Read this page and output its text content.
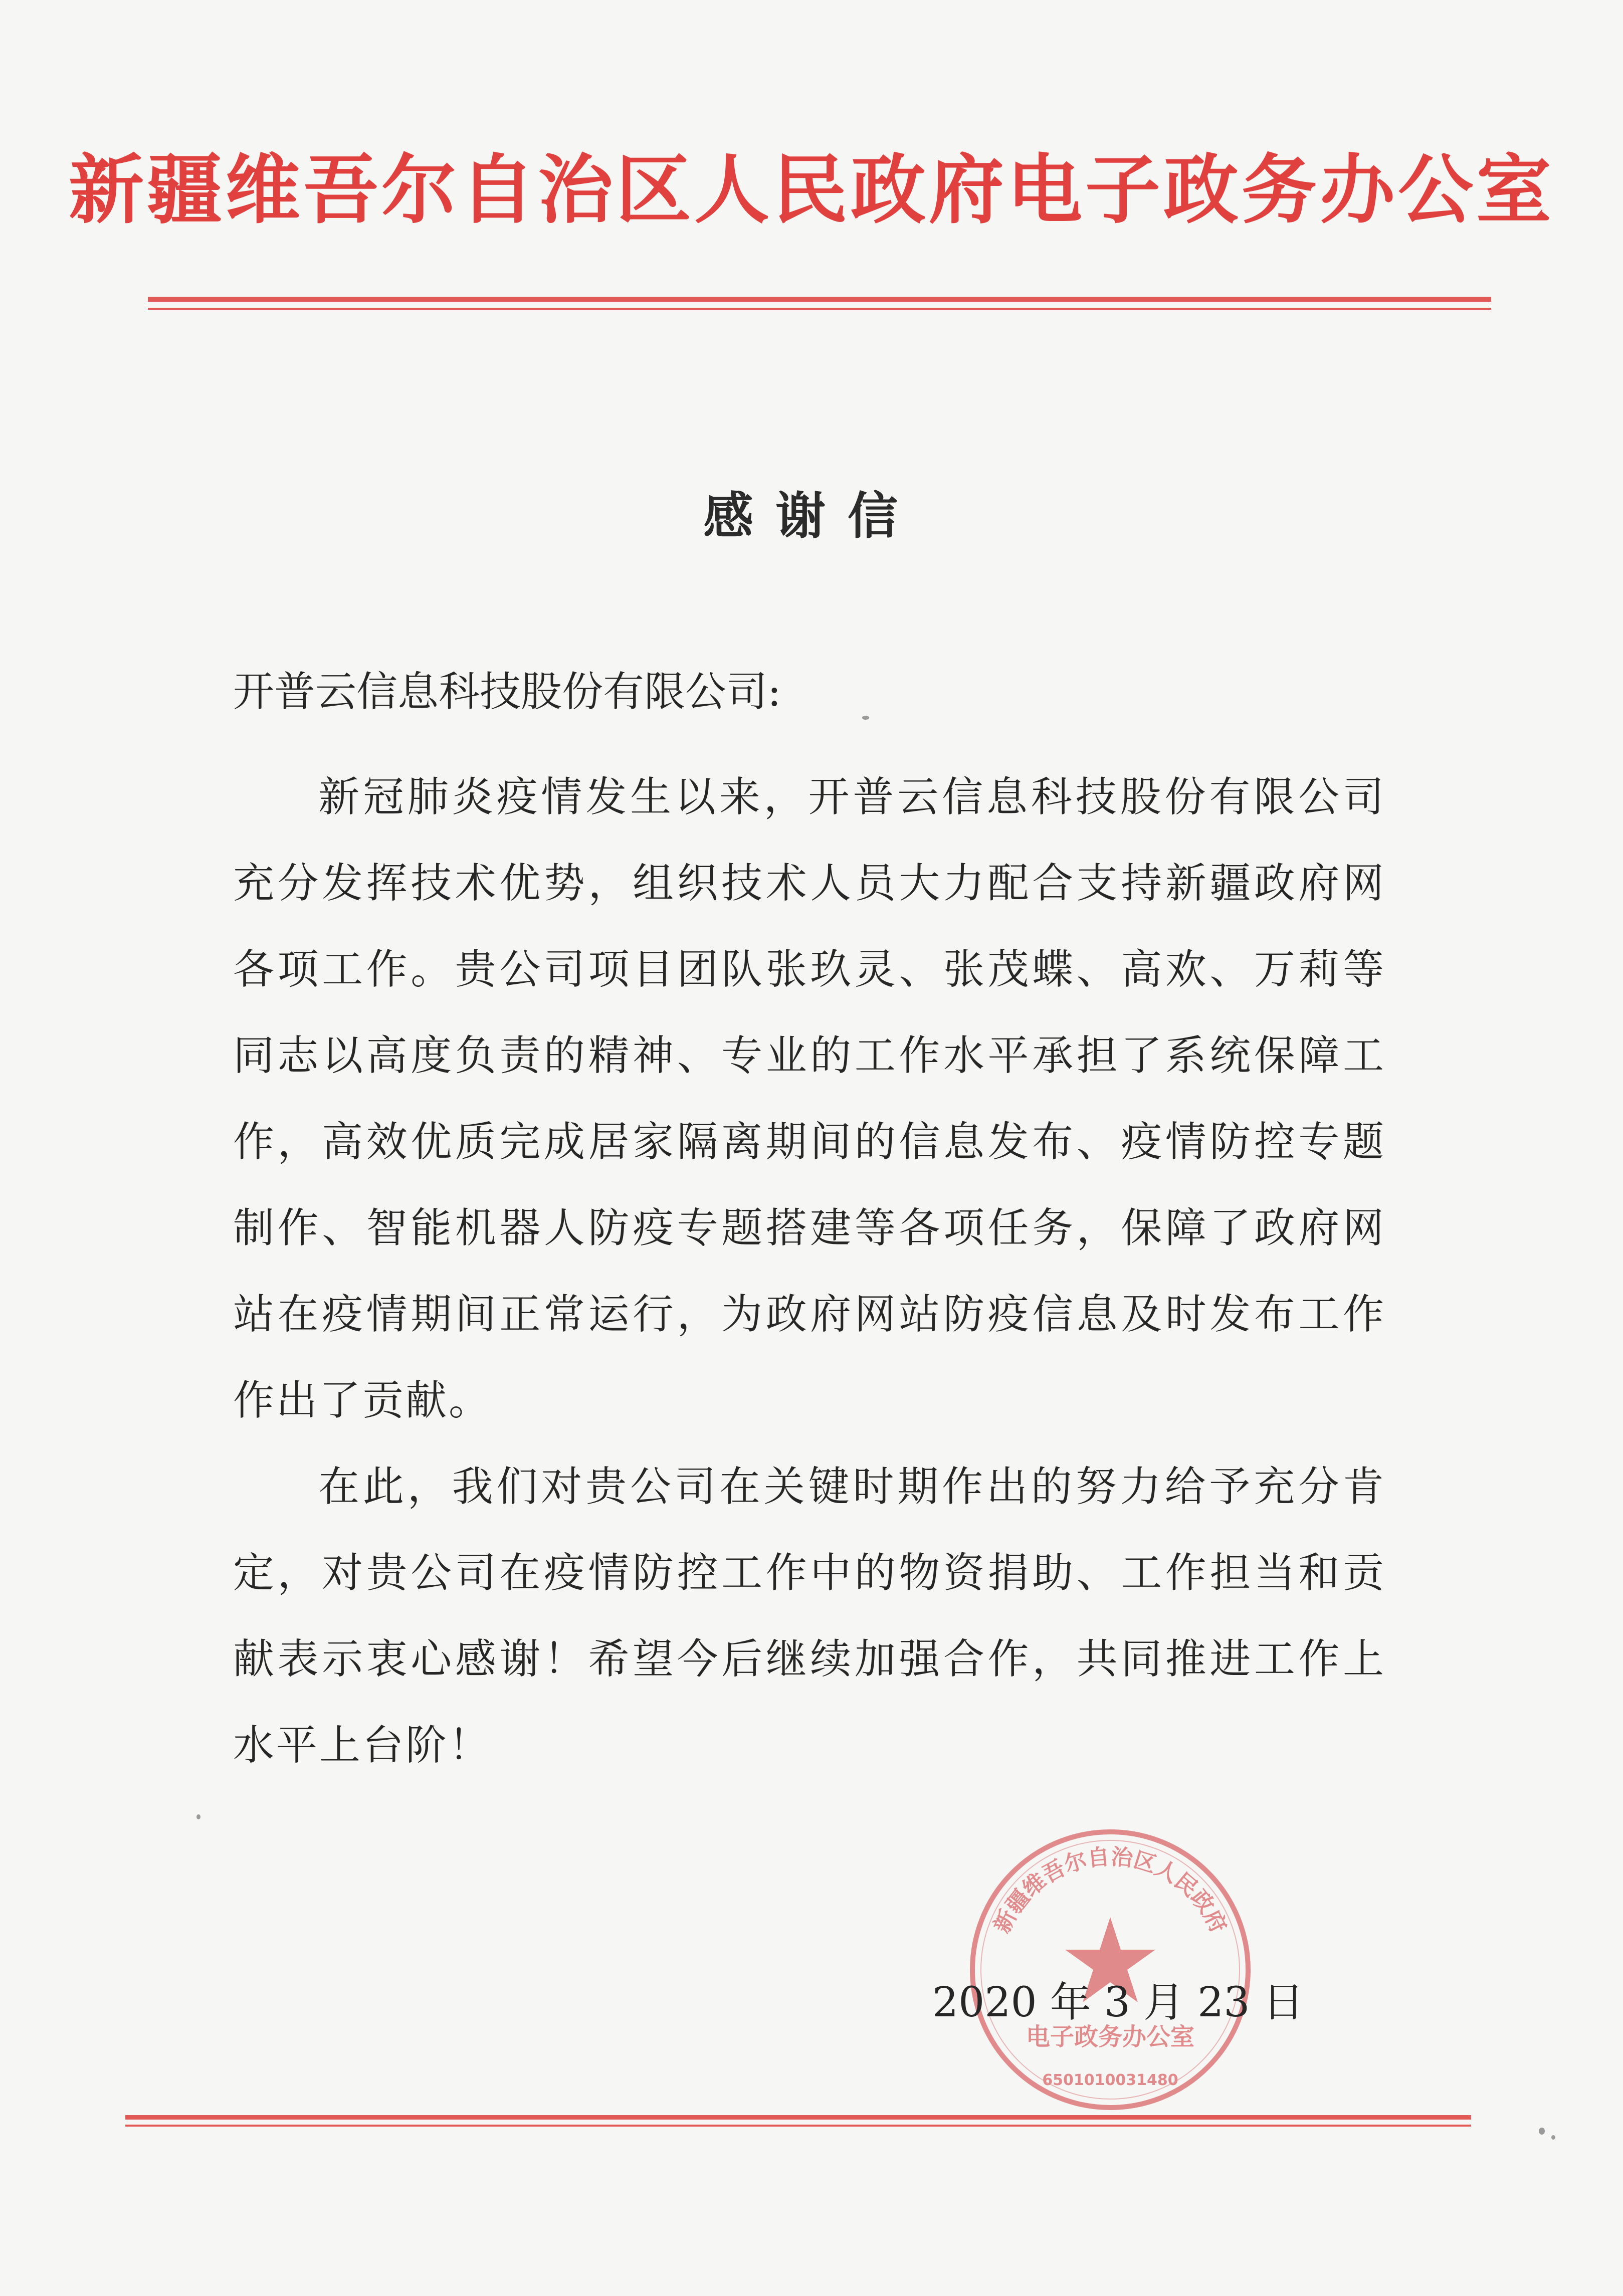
新疆维吾尔自治区人民政府电子政务办公室
感谢信
开普云信息科技股份有限公司:

新冠肺炎疫情发生以来，开普云信息科技股份有限公司充分发挥技术优势，组织技术人员大力配合支持新疆政府网各项工作。贵公司项目团队张玖灵、张茂蝶、高欢、万莉等同志以高度负责的精神、专业的工作水平承担了系统保障工作，高效优质完成居家隔离期间的信息发布、疫情防控专题制作、智能机器人防疫专题搭建等各项任务，保障了政府网站在疫情期间正常运行，为政府网站防疫信息及时发布工作作出了贡献。

在此，我们对贵公司在关键时期作出的努力给予充分肯定，对贵公司在疫情防控工作中的物资捐助、工作担当和贡献表示衷心感谢！希望今后继续加强合作，共同推进工作上水平上台阶！

新疆维吾尔自治区人民政府
电子政务办公室
6501010031480
2020 年 3 月 23 日
